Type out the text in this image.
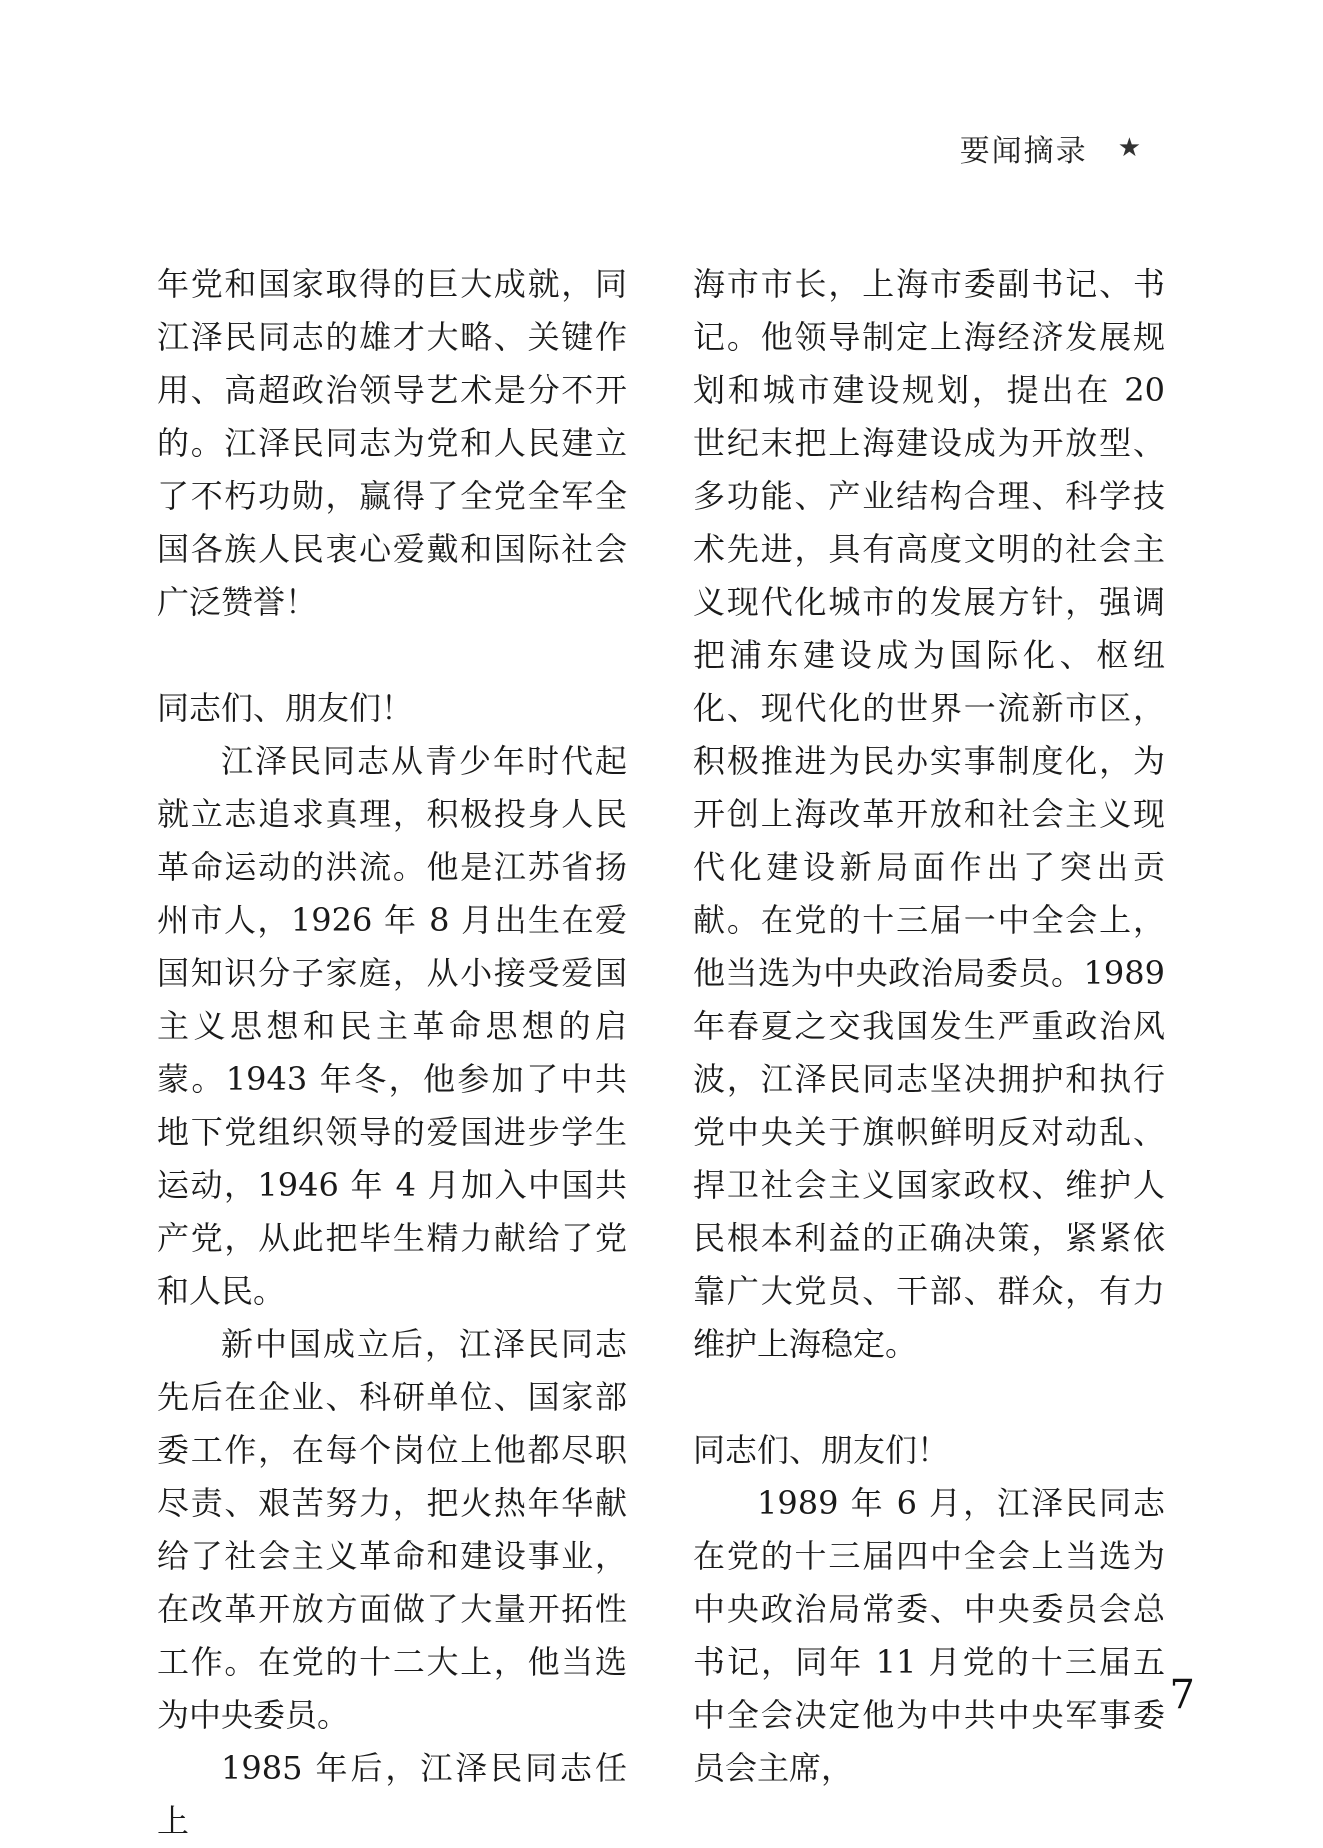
要闻摘录 ★

年党和国家取得的巨大成就，同江泽民同志的雄才大略、关键作用、高超政治领导艺术是分不开的。江泽民同志为党和人民建立了不朽功勋，赢得了全党全军全国各族人民衷心爱戴和国际社会广泛赞誉！

同志们、朋友们！

江泽民同志从青少年时代起就立志追求真理，积极投身人民革命运动的洪流。他是江苏省扬州市人，1926 年 8 月出生在爱国知识分子家庭，从小接受爱国主义思想和民主革命思想的启蒙。1943 年冬，他参加了中共地下党组织领导的爱国进步学生运动，1946 年 4 月加入中国共产党，从此把毕生精力献给了党和人民。

新中国成立后，江泽民同志先后在企业、科研单位、国家部委工作，在每个岗位上他都尽职尽责、艰苦努力，把火热年华献给了社会主义革命和建设事业，在改革开放方面做了大量开拓性工作。在党的十二大上，他当选为中央委员。

1985 年后，江泽民同志任上

海市市长，上海市委副书记、书记。他领导制定上海经济发展规划和城市建设规划，提出在 20 世纪末把上海建设成为开放型、多功能、产业结构合理、科学技术先进，具有高度文明的社会主义现代化城市的发展方针，强调把浦东建设成为国际化、枢纽化、现代化的世界一流新市区，积极推进为民办实事制度化，为开创上海改革开放和社会主义现代化建设新局面作出了突出贡献。在党的十三届一中全会上，他当选为中央政治局委员。1989 年春夏之交我国发生严重政治风波，江泽民同志坚决拥护和执行党中央关于旗帜鲜明反对动乱、捍卫社会主义国家政权、维护人民根本利益的正确决策，紧紧依靠广大党员、干部、群众，有力维护上海稳定。

同志们、朋友们！

1989 年 6 月，江泽民同志在党的十三届四中全会上当选为中央政治局常委、中央委员会总书记，同年 11 月党的十三届五中全会决定他为中共中央军事委员会主席，

7
